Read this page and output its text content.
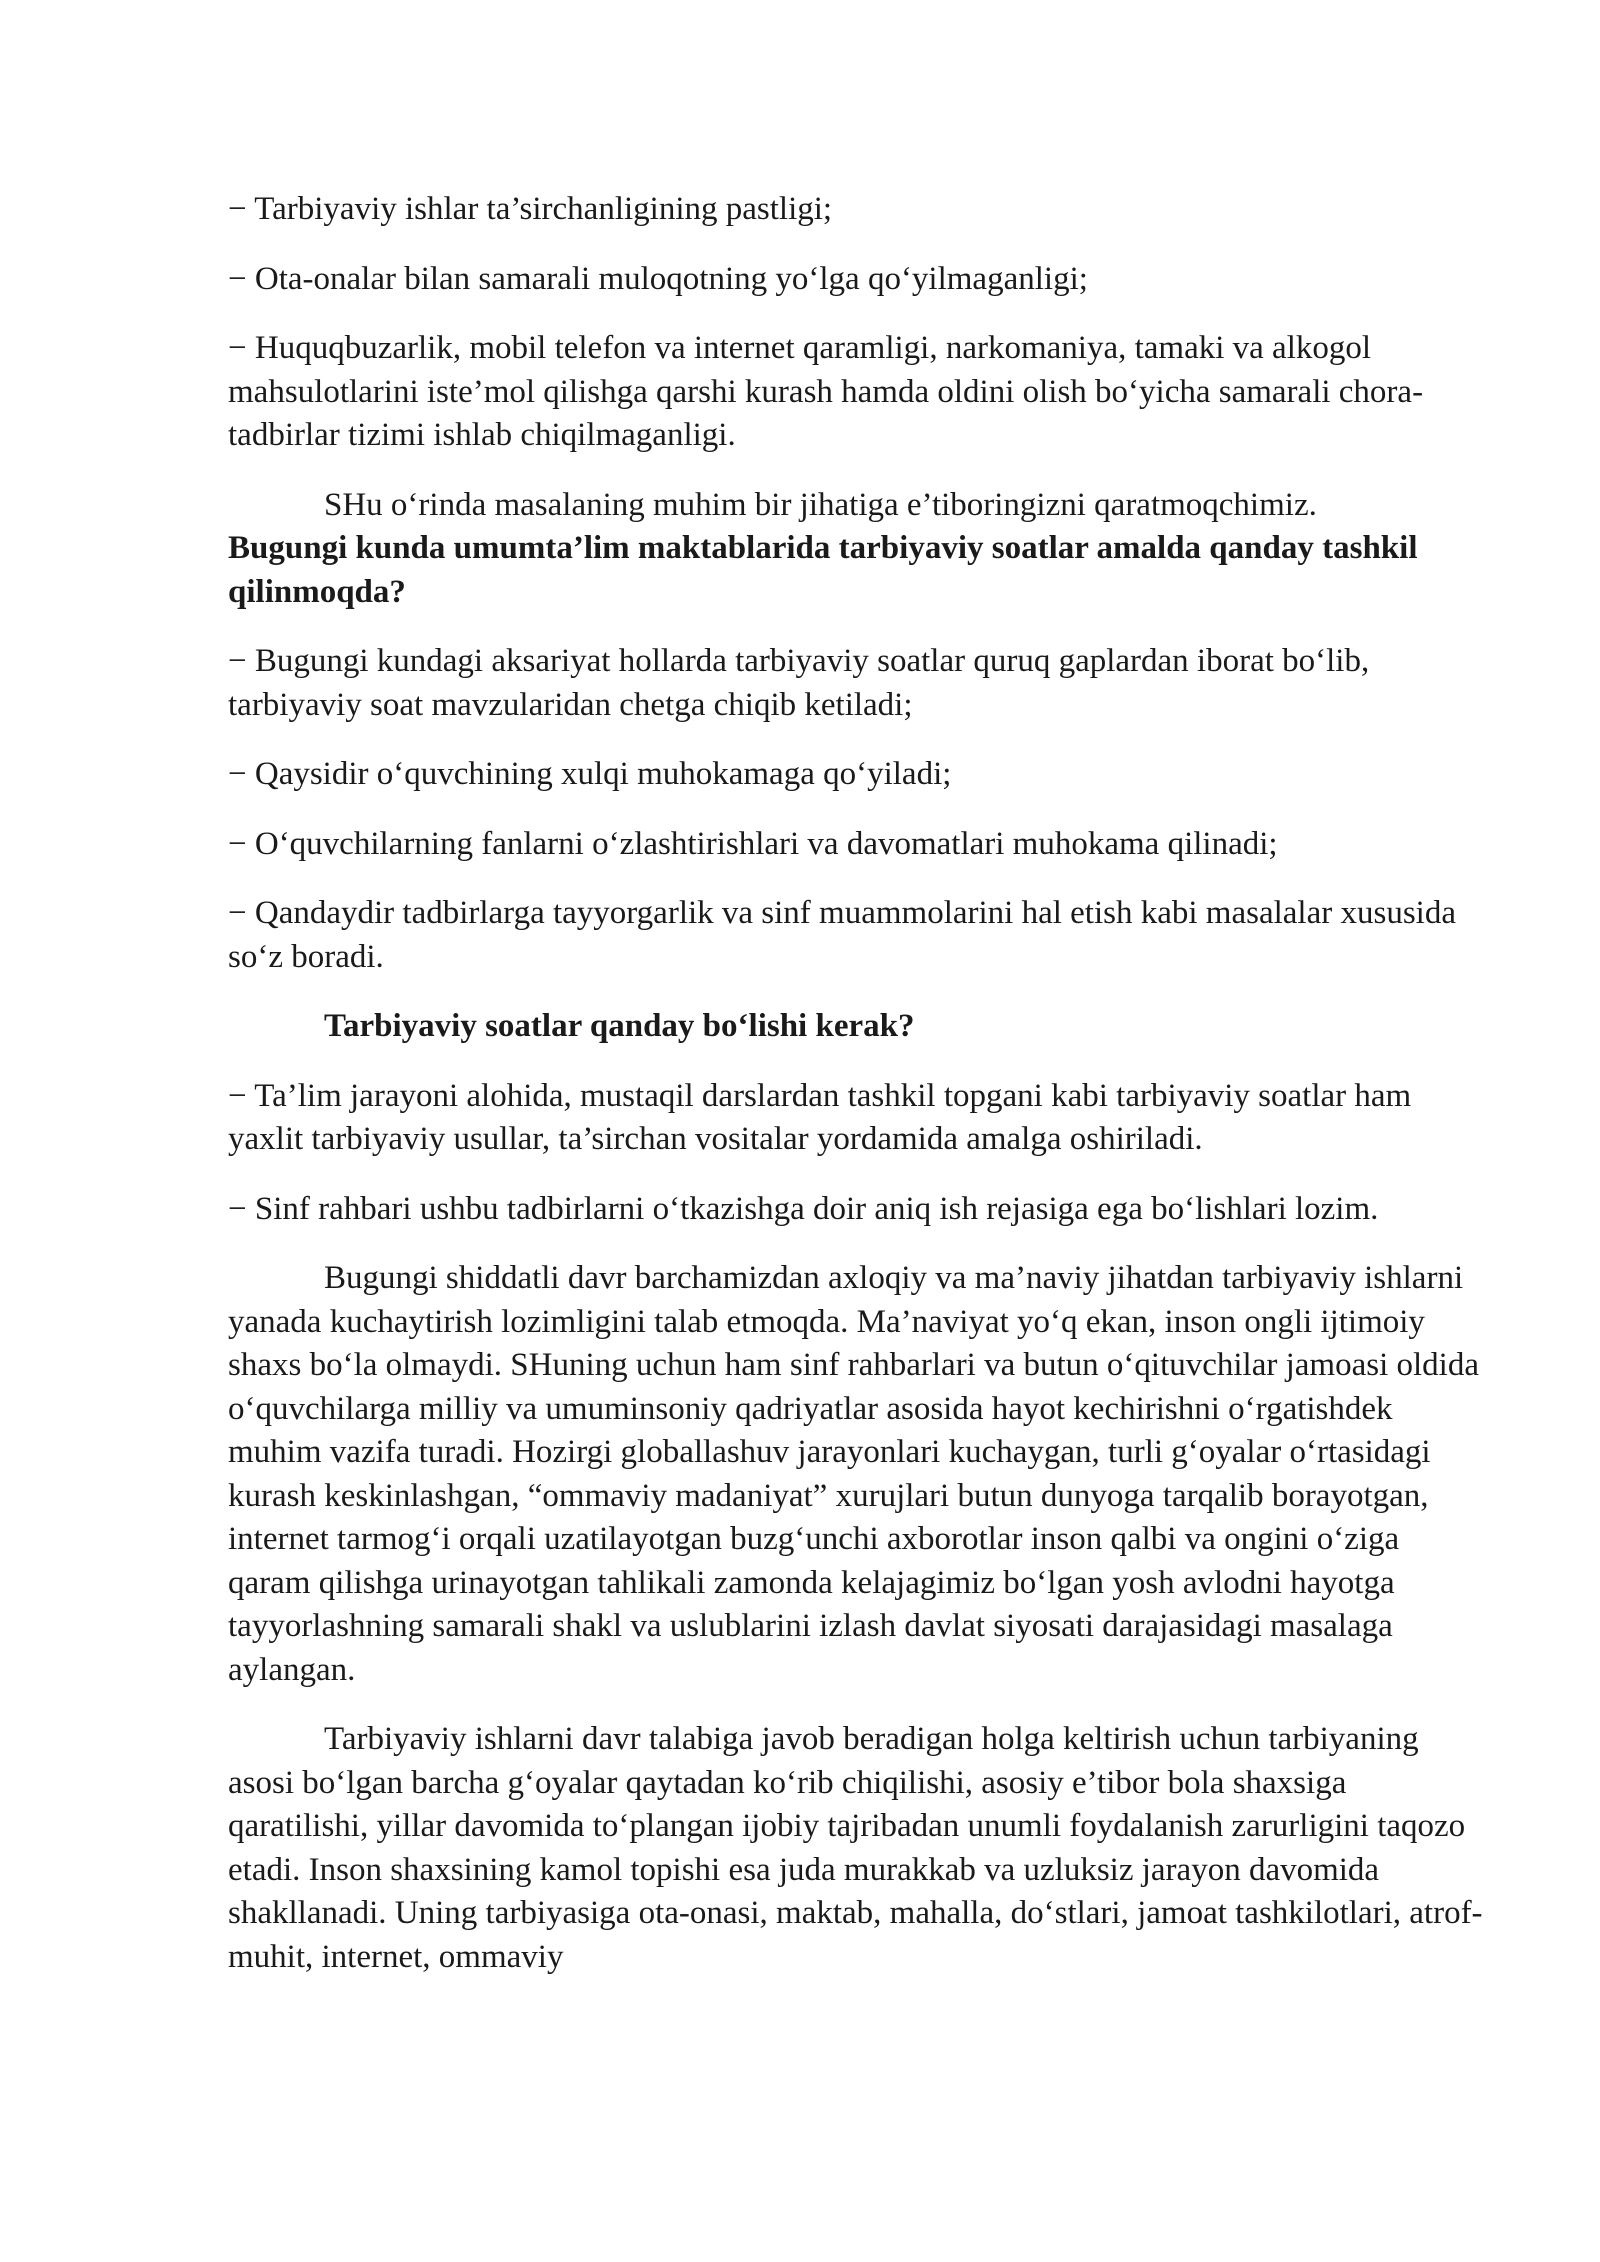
− Tarbiyaviy ishlar ta’sirchanligining pastligi;

− Ota-onalar bilan samarali muloqotning yo‘lga qo‘yilmaganligi;

− Huquqbuzarlik, mobil telefon va internet qaramligi, narkomaniya, tamaki va alkogol mahsulotlarini iste’mol qilishga qarshi kurash hamda oldini olish bo‘yicha samarali chora-tadbirlar tizimi ishlab chiqilmaganligi.

SHu o‘rinda masalaning muhim bir jihatiga e’tiboringizni qaratmoqchimiz.

Bugungi kunda umumta’lim maktablarida tarbiyaviy soatlar amalda qanday tashkil qilinmoqda?

− Bugungi kundagi aksariyat hollarda tarbiyaviy soatlar quruq gaplardan iborat bo‘lib, tarbiyaviy soat mavzularidan chetga chiqib ketiladi;

− Qaysidir o‘quvchining xulqi muhokamaga qo‘yiladi;

− O‘quvchilarning fanlarni o‘zlashtirishlari va davomatlari muhokama qilinadi;

− Qandaydir tadbirlarga tayyorgarlik va sinf muammolarini hal etish kabi masalalar xususida so‘z boradi.

Tarbiyaviy soatlar qanday bo‘lishi kerak?

− Ta’lim jarayoni alohida, mustaqil darslardan tashkil topgani kabi tarbiyaviy soatlar ham yaxlit tarbiyaviy usullar, ta’sirchan vositalar yordamida amalga oshiriladi.

− Sinf rahbari ushbu tadbirlarni o‘tkazishga doir aniq ish rejasiga ega bo‘lishlari lozim.

Bugungi shiddatli davr barchamizdan axloqiy va ma’naviy jihatdan tarbiyaviy ishlarni yanada kuchaytirish lozimligini talab etmoqda. Ma’naviyat yo‘q ekan, inson ongli ijtimoiy shaxs bo‘la olmaydi. SHuning uchun ham sinf rahbarlari va butun o‘qituvchilar jamoasi oldida o‘quvchilarga milliy va umuminsoniy qadriyatlar asosida hayot kechirishni o‘rgatishdek muhim vazifa turadi. Hozirgi globallashuv jarayonlari kuchaygan, turli g‘oyalar o‘rtasidagi kurash keskinlashgan, “ommaviy madaniyat” xurujlari butun dunyoga tarqalib borayotgan, internet tarmog‘i orqali uzatilayotgan buzg‘unchi axborotlar inson qalbi va ongini o‘ziga qaram qilishga urinayotgan tahlikali zamonda kelajagimiz bo‘lgan yosh avlodni hayotga tayyorlashning samarali shakl va uslublarini izlash davlat siyosati darajasidagi masalaga aylangan.

Tarbiyaviy ishlarni davr talabiga javob beradigan holga keltirish uchun tarbiyaning asosi bo‘lgan barcha g‘oyalar qaytadan ko‘rib chiqilishi, asosiy e’tibor bola shaxsiga qaratilishi, yillar davomida to‘plangan ijobiy tajribadan unumli foydalanish zarurligini taqozo etadi. Inson shaxsining kamol topishi esa juda murakkab va uzluksiz jarayon davomida shakllanadi. Uning tarbiyasiga ota-onasi, maktab, mahalla, do‘stlari, jamoat tashkilotlari, atrof-muhit, internet, ommaviy
